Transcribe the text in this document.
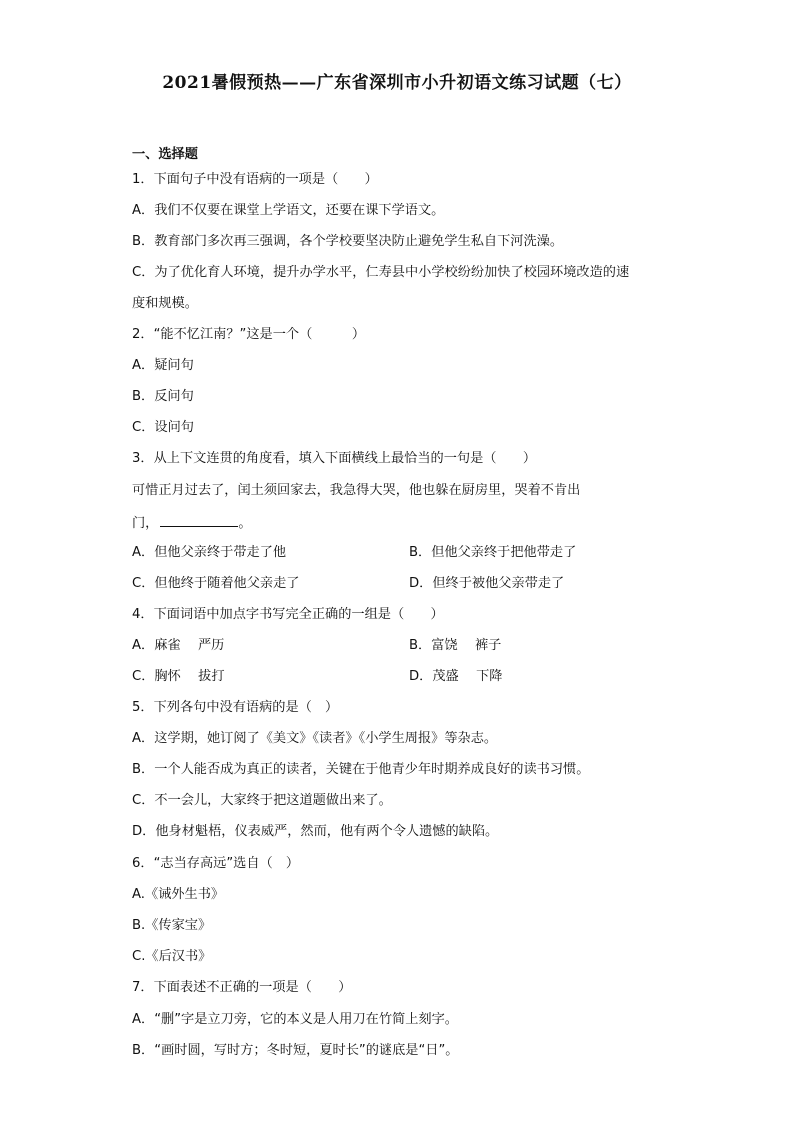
2021暑假预热——广东省深圳市小升初语文练习试题（七）
一、选择题
1．下面句子中没有语病的一项是（　　）
A．我们不仅要在课堂上学语文，还要在课下学语文。
B．教育部门多次再三强调，各个学校要坚决防止避免学生私自下河洗澡。
C．为了优化育人环境，提升办学水平，仁寿县中小学校纷纷加快了校园环境改造的速
度和规模。
2．“能不忆江南？”这是一个（　　　）
A．疑问句
B．反问句
C．设问句
3．从上下文连贯的角度看，填入下面横线上最恰当的一句是（　　）
可惜正月过去了，闰土须回家去，我急得大哭，他也躲在厨房里，哭着不肯出
门，	。
A．但他父亲终于带走了他	B．但他父亲终于把他带走了
C．但他终于随着他父亲走了	D．但终于被他父亲带走了
4．下面词语中加点字书写完全正确的一组是（　　）
A．麻雀　 严历	B．富饶　 裤子
C．胸怀　 拔打	D．茂盛　 下降
5．下列各句中没有语病的是（　）
A．这学期，她订阅了《美文》《读者》《小学生周报》等杂志。
B．一个人能否成为真正的读者，关键在于他青少年时期养成良好的读书习惯。
C．不一会儿，大家终于把这道题做出来了。
D．他身材魁梧，仪表威严，然而，他有两个令人遗憾的缺陷。
6．“志当存高远”选自（　）
A.《诫外生书》
B.《传家宝》
C.《后汉书》
7．下面表述不正确的一项是（　　）
A．“删”字是立刀旁，它的本义是人用刀在竹简上刻字。
B．“画时圆，写时方；冬时短，夏时长”的谜底是“日”。
